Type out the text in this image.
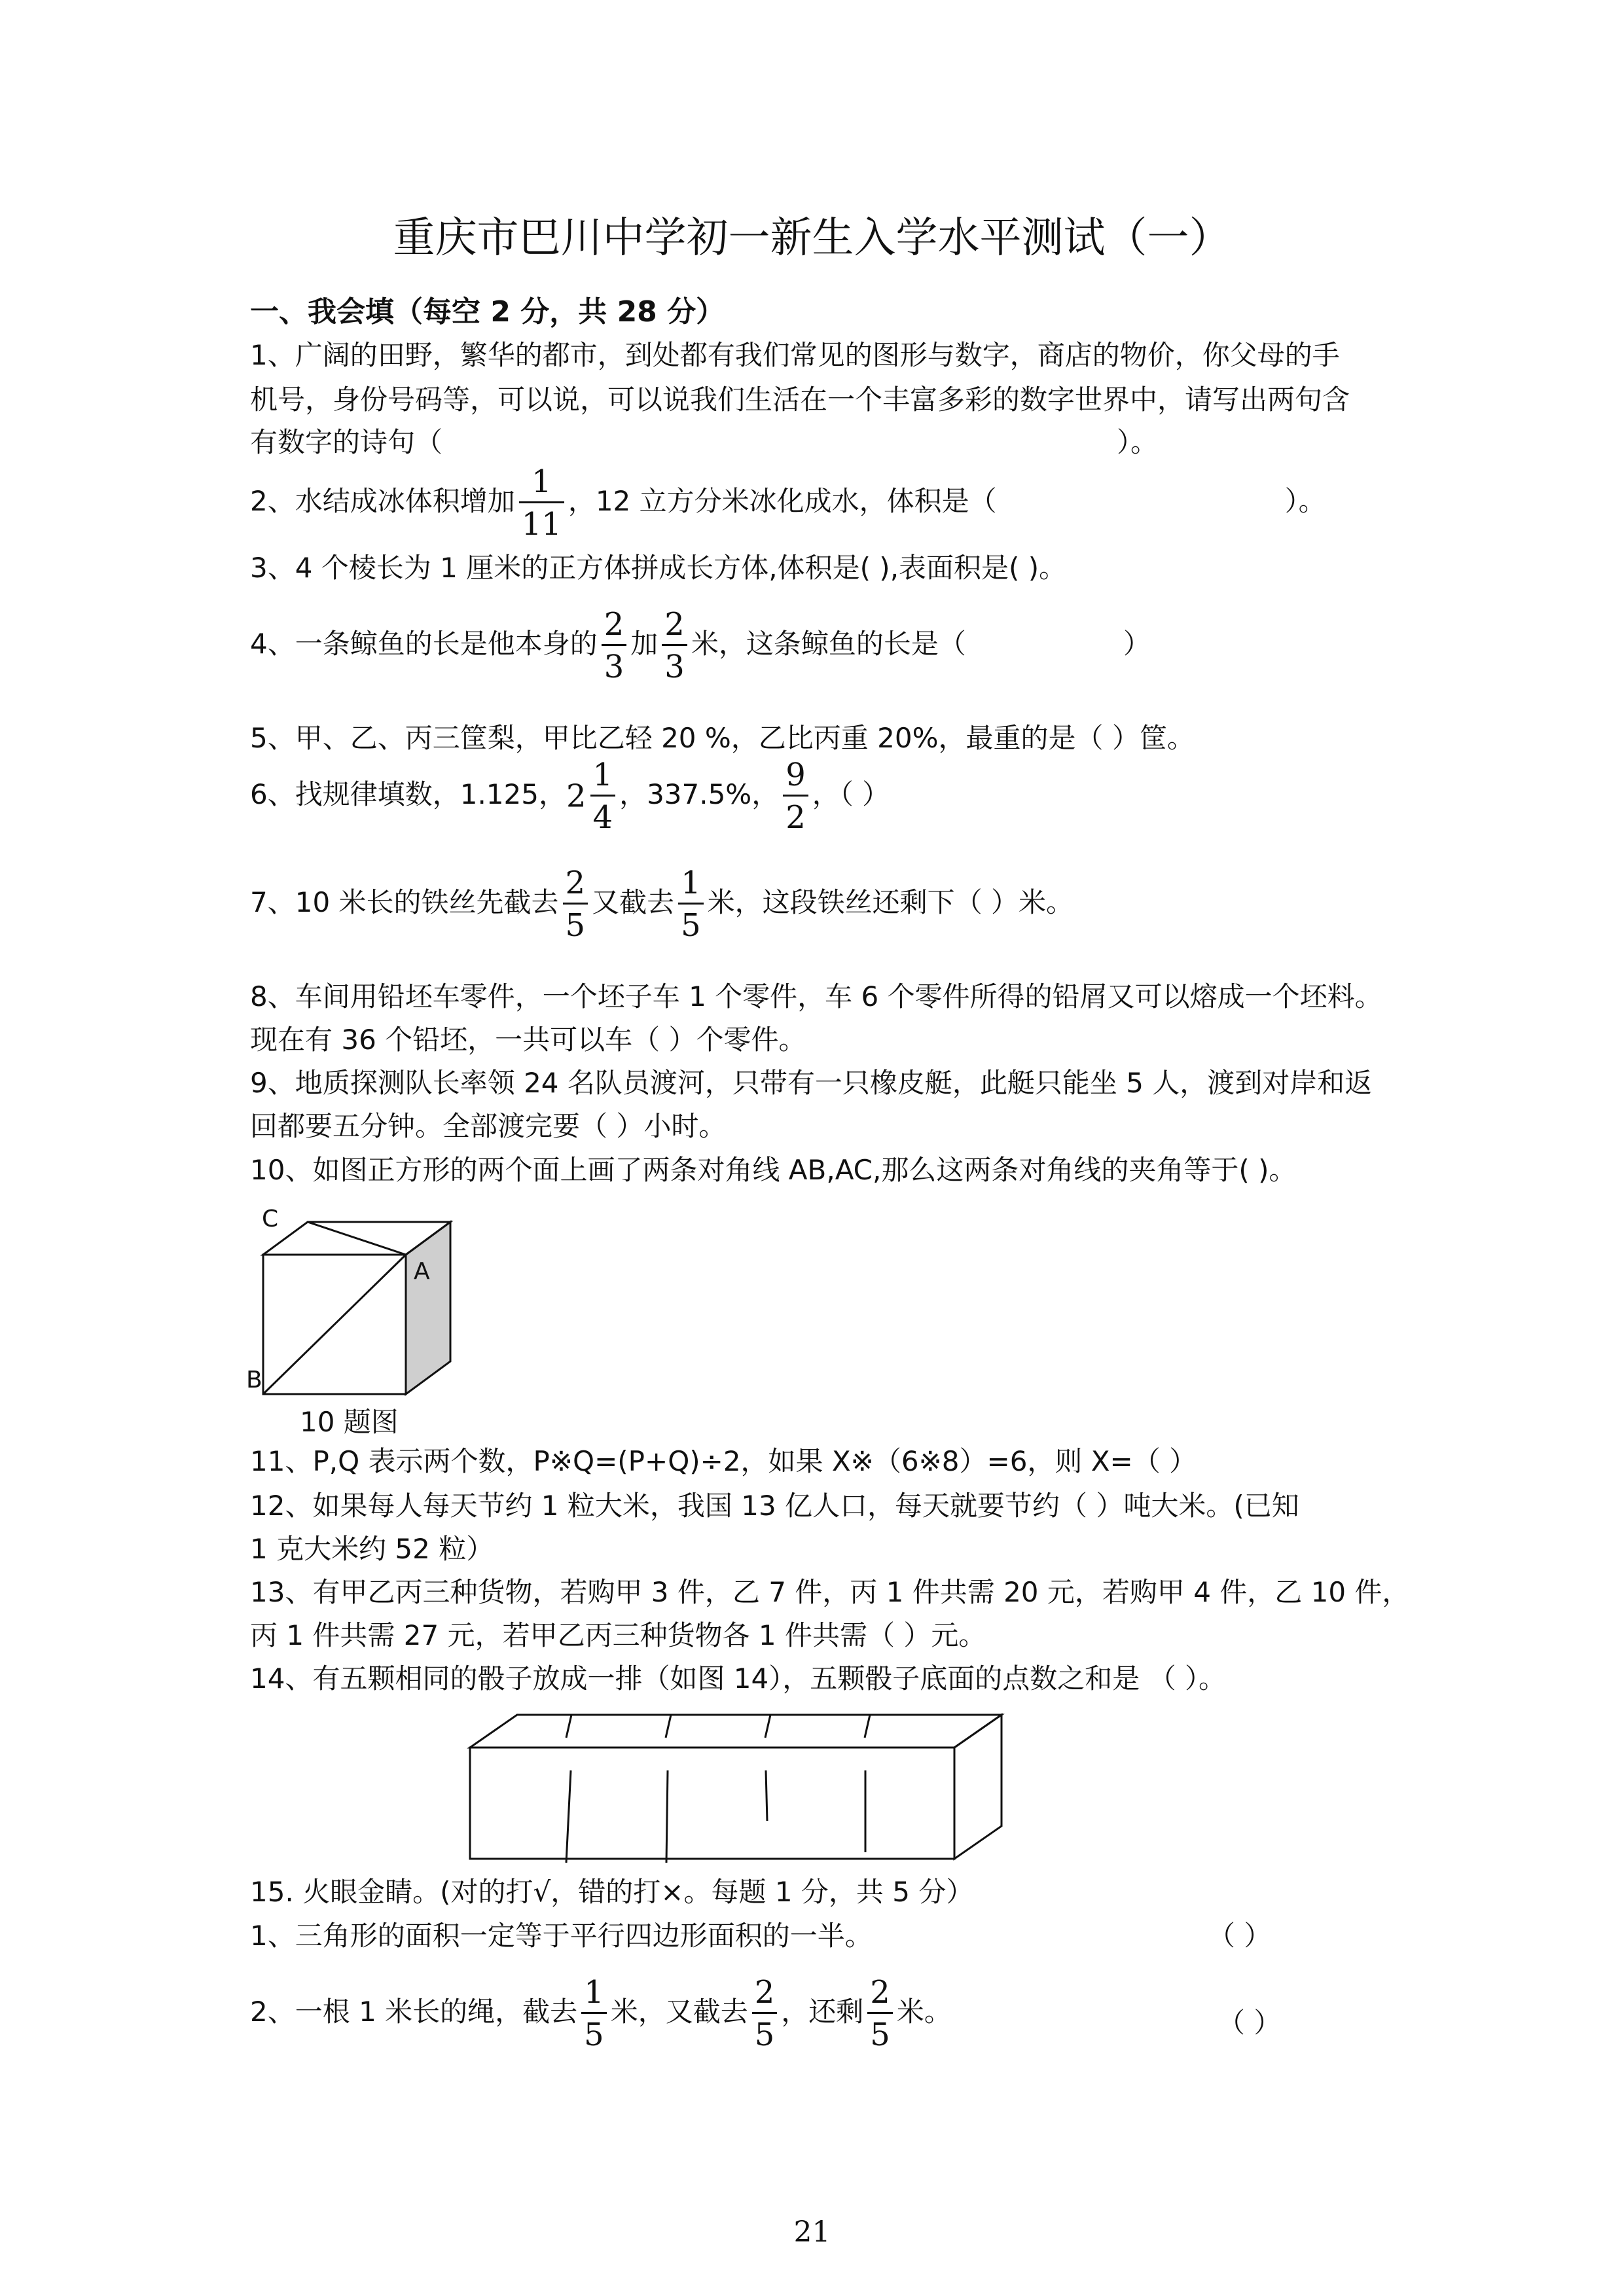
重庆市巴川中学初一新生入学水平测试（一）
一、我会填（每空 2 分，共 28 分）
1、广阔的田野，繁华的都市，到处都有我们常见的图形与数字，商店的物价，你父母的手
机号，身份号码等，可以说，可以说我们生活在一个丰富多彩的数字世界中，请写出两句含
有数字的诗句（	）。
2、水结成冰体积增加 $\frac{1}{11}$ ，12 立方分米冰化成水，体积是（	）。
3、4 个棱长为 1 厘米的正方体拼成长方体,体积是( ),表面积是( )。
4、一条鲸鱼的长是他本身的 $\frac{2}{3}$ 加 $\frac{2}{3}$ 米，这条鲸鱼的长是（	）
5、甲、乙、丙三筐梨，甲比乙轻 20 %，乙比丙重 20%，最重的是（ ）筐。
6、找规律填数，1.125，$2 \frac{1}{4}$ ，337.5%， $\frac{9}{2}$ ，（ ）
7、10 米长的铁丝先截去 $\frac{2}{5}$ 又截去 $\frac{1}{5}$ 米，这段铁丝还剩下（ ）米。
8、车间用铅坯车零件，一个坯子车 1 个零件，车 6 个零件所得的铅屑又可以熔成一个坯料。
现在有 36 个铅坯，一共可以车（ ）个零件。
9、地质探测队长率领 24 名队员渡河，只带有一只橡皮艇，此艇只能坐 5 人，渡到对岸和返
回都要五分钟。全部渡完要（ ）小时。
10、如图正方形的两个面上画了两条对角线 AB,AC,那么这两条对角线的夹角等于( )。
C
A
B
10 题图
11、P,Q 表示两个数，P※Q=(P+Q)÷2，如果 X※（6※8）=6，则 X=（ ）
12、如果每人每天节约 1 粒大米，我国 13 亿人口，每天就要节约（ ）吨大米。(已知
1 克大米约 52 粒）
13、有甲乙丙三种货物，若购甲 3 件，乙 7 件，丙 1 件共需 20 元，若购甲 4 件，乙 10 件，
丙 1 件共需 27 元，若甲乙丙三种货物各 1 件共需（ ）元。
14、有五颗相同的骰子放成一排（如图 14），五颗骰子底面的点数之和是 （ ）。
15. 火眼金睛。(对的打√，错的打×。每题 1 分，共 5 分）
1、三角形的面积一定等于平行四边形面积的一半。	（ ）
2、一根 1 米长的绳，截去 $\frac{1}{5}$ 米，又截去 $\frac{2}{5}$ ，还剩 $\frac{2}{5}$ 米。	（ ）
21
